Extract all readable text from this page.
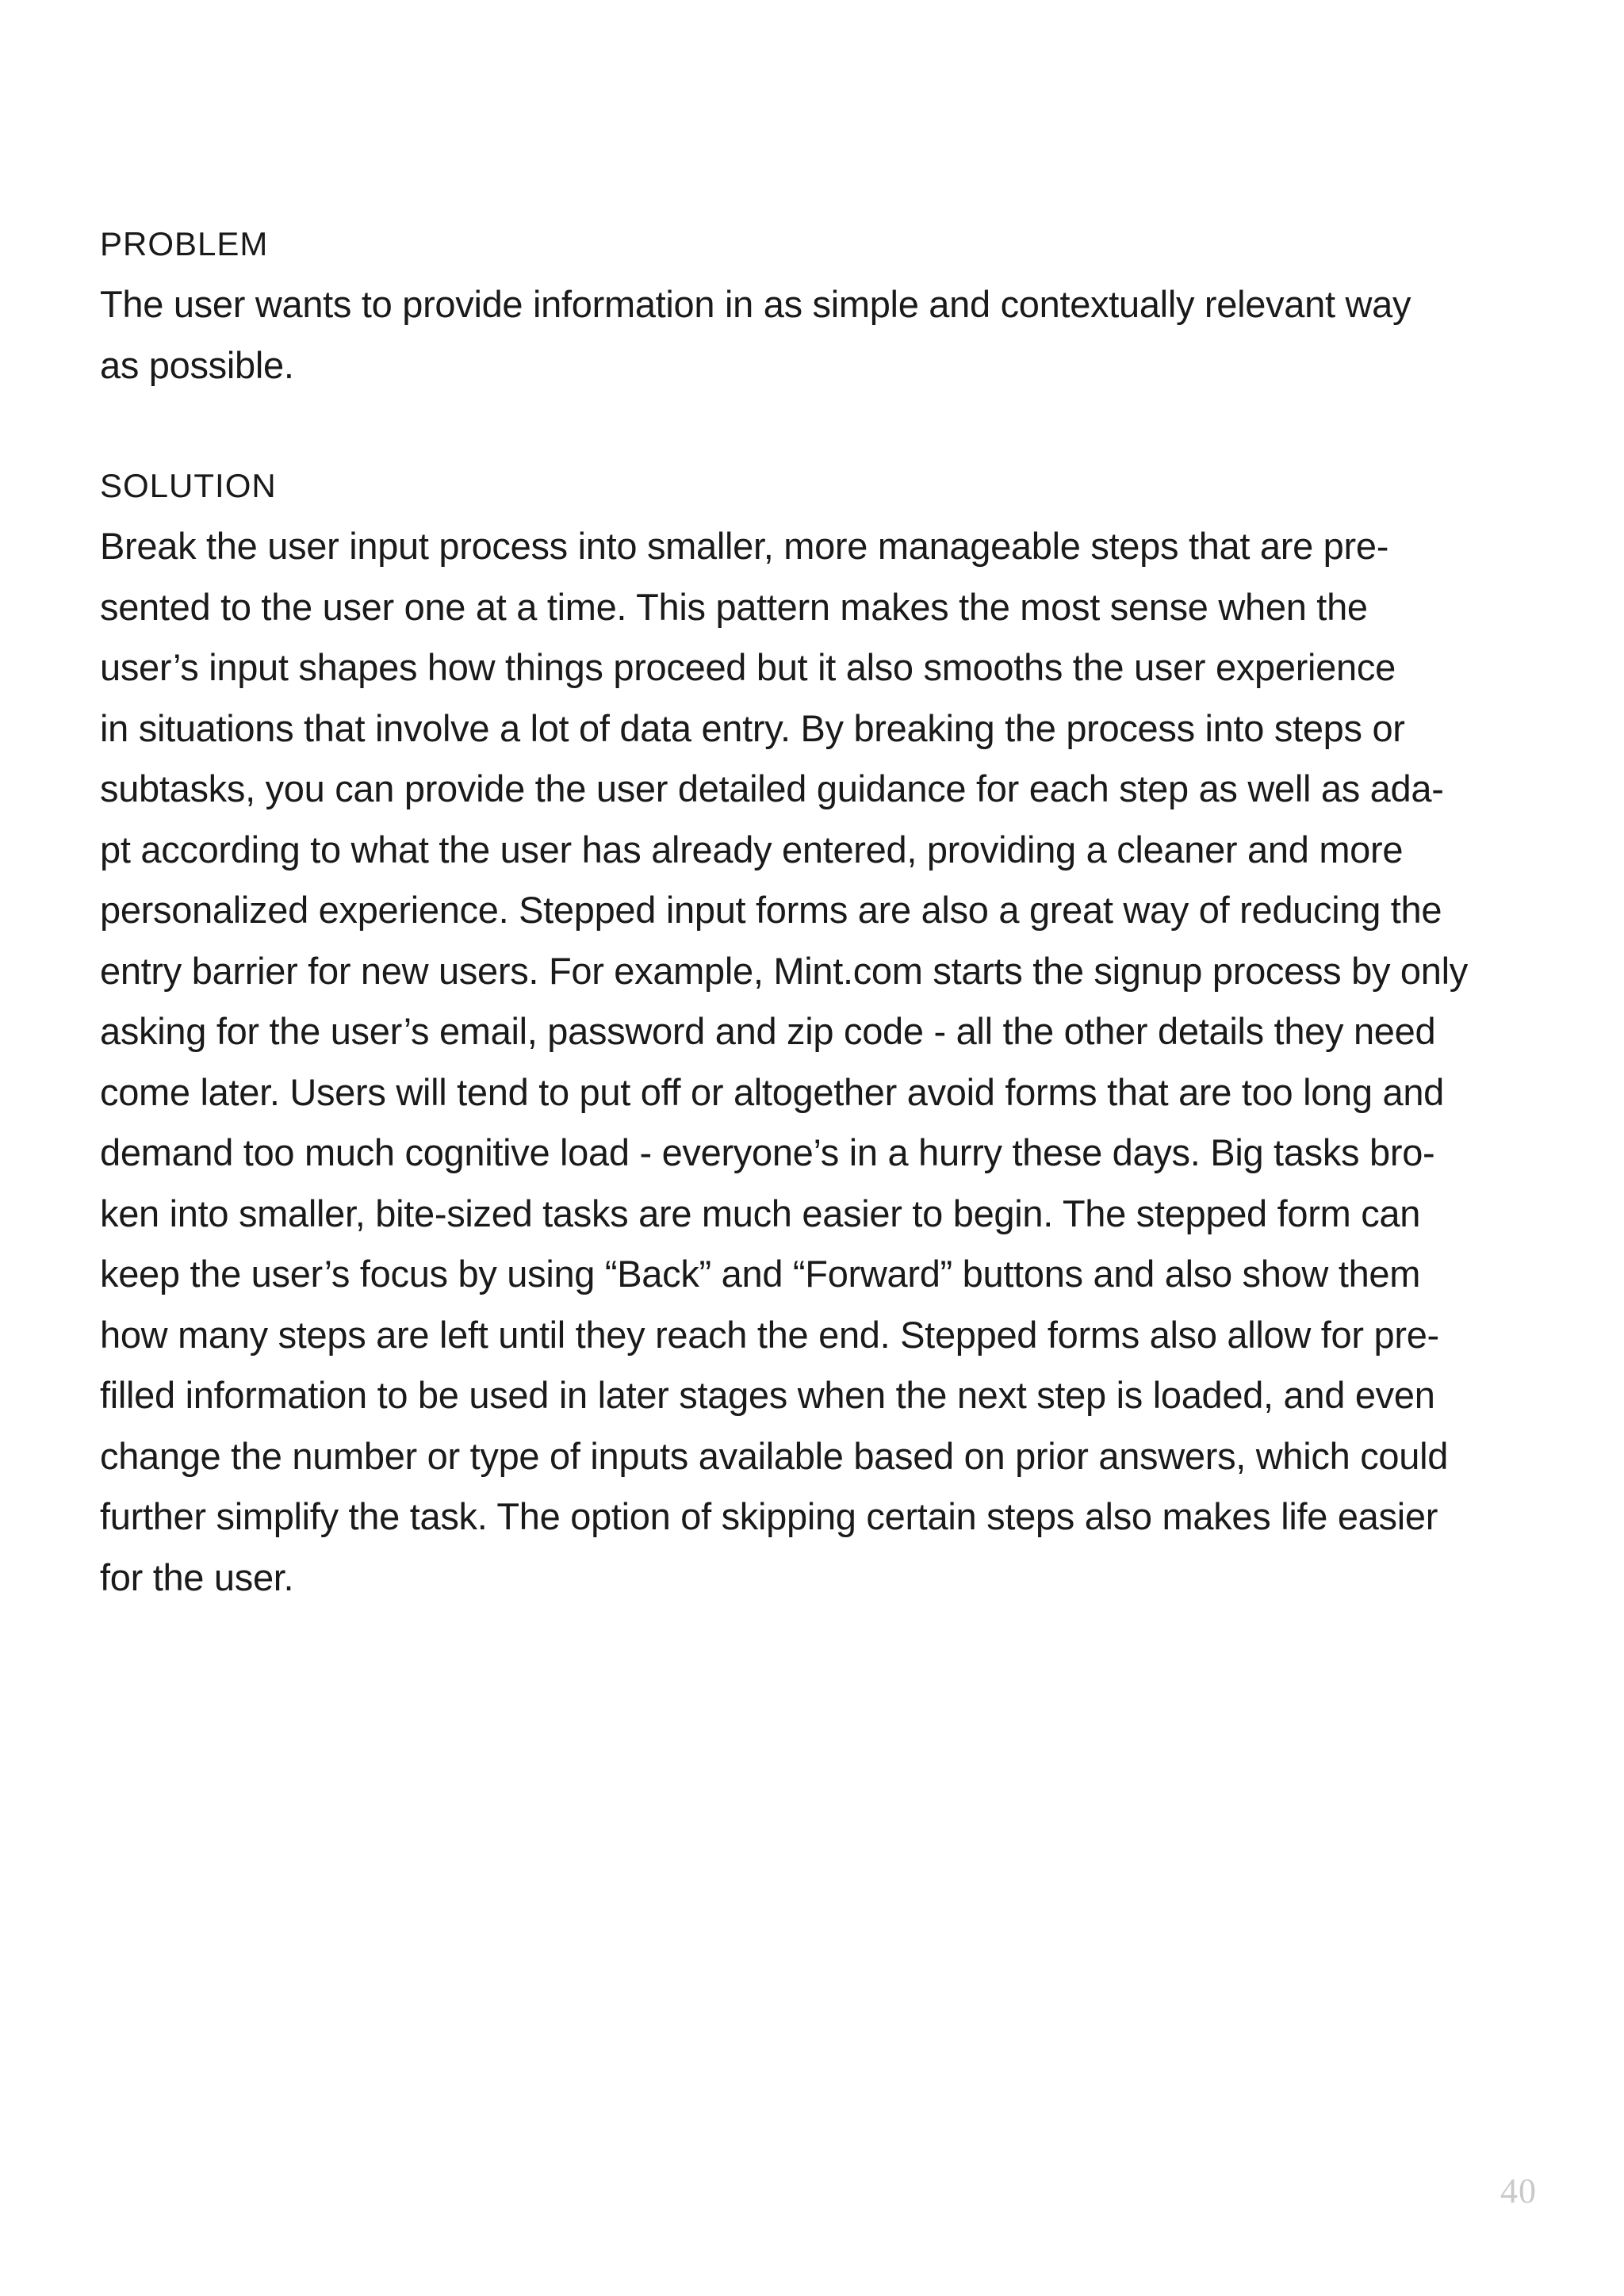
PROBLEM

The user wants to provide information in as simple and contextually relevant way
as possible.

SOLUTION

Break the user input process into smaller, more manageable steps that are pre-
sented to the user one at a time. This pattern makes the most sense when the
user’s input shapes how things proceed but it also smooths the user experience
in situations that involve a lot of data entry. By breaking the process into steps or
subtasks, you can provide the user detailed guidance for each step as well as ada-
pt according to what the user has already entered, providing a cleaner and more
personalized experience. Stepped input forms are also a great way of reducing the
entry barrier for new users. For example, Mint.com starts the signup process by only
asking for the user’s email, password and zip code - all the other details they need
come later. Users will tend to put off or altogether avoid forms that are too long and
demand too much cognitive load - everyone’s in a hurry these days. Big tasks bro-
ken into smaller, bite-sized tasks are much easier to begin. The stepped form can
keep the user’s focus by using “Back” and “Forward” buttons and also show them
how many steps are left until they reach the end. Stepped forms also allow for pre-
filled information to be used in later stages when the next step is loaded, and even
change the number or type of inputs available based on prior answers, which could
further simplify the task. The option of skipping certain steps also makes life easier
for the user.

40
